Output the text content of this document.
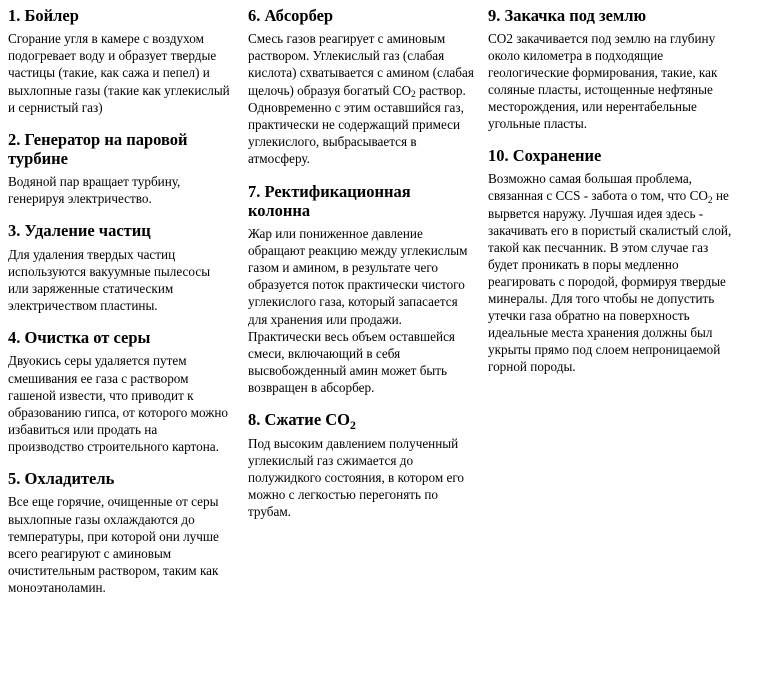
1. Бойлер

Сгорание угля в камере с воздухом подогревает воду и образует твердые частицы (такие, как сажа и пепел) и выхлопные газы (такие как углекислый и сернистый газ)

2. Генератор на паровой турбине

Водяной пар вращает турбину, генерируя электричество.

3. Удаление частиц

Для удаления твердых частиц используются вакуумные пылесосы или заряженные статическим электричеством пластины.

4. Очистка от серы

Двуокись серы удаляется путем смешивания ее газа с раствором гашеной извести, что приводит к образованию гипса, от которого можно избавиться или продать на производство строительного картона.

5. Охладитель

Все еще горячие, очищенные от серы выхлопные газы охлаждаются до температуры, при которой они лучше всего реагируют с аминовым очистительным раствором, таким как моноэтаноламин.

6. Абсорбер

Смесь газов реагирует с аминовым раствором. Углекислый газ (слабая кислота) схватывается с амином (слабая щелочь) образуя богатый $CO_2$ раствор. Одновременно с этим оставшийся газ, практически не содержащий примеси углекислого, выбрасывается в атмосферу.

7. Ректификационная колонна

Жар или пониженное давление обращают реакцию между углекислым газом и амином, в результате чего образуется поток практически чистого углекислого газа, который запасается для хранения или продажи. Практически весь объем оставшейся смеси, включающий в себя высвобожденный амин может быть возвращен в абсорбер.

8. Сжатие $CO_2$

Под высоким давлением полученный углекислый газ сжимается до полужидкого состояния, в котором его можно с легкостью перегонять по трубам.

9. Закачка под землю

CO2 закачивается под землю на глубину около километра в подходящие геологические формирования, такие, как соляные пласты, истощенные нефтяные месторождения, или нерентабельные угольные пласты.

10. Сохранение

Возможно самая большая проблема, связанная с CCS - забота о том, что $CO_2$ не вырвется наружу. Лучшая идея здесь - закачивать его в пористый скалистый слой, такой как песчанник. В этом случае газ будет проникать в поры медленно реагировать с породой, формируя твердые минералы. Для того чтобы не допустить утечки газа обратно на поверхность идеальные места хранения должны был укрыты прямо под слоем непроницаемой горной породы.
